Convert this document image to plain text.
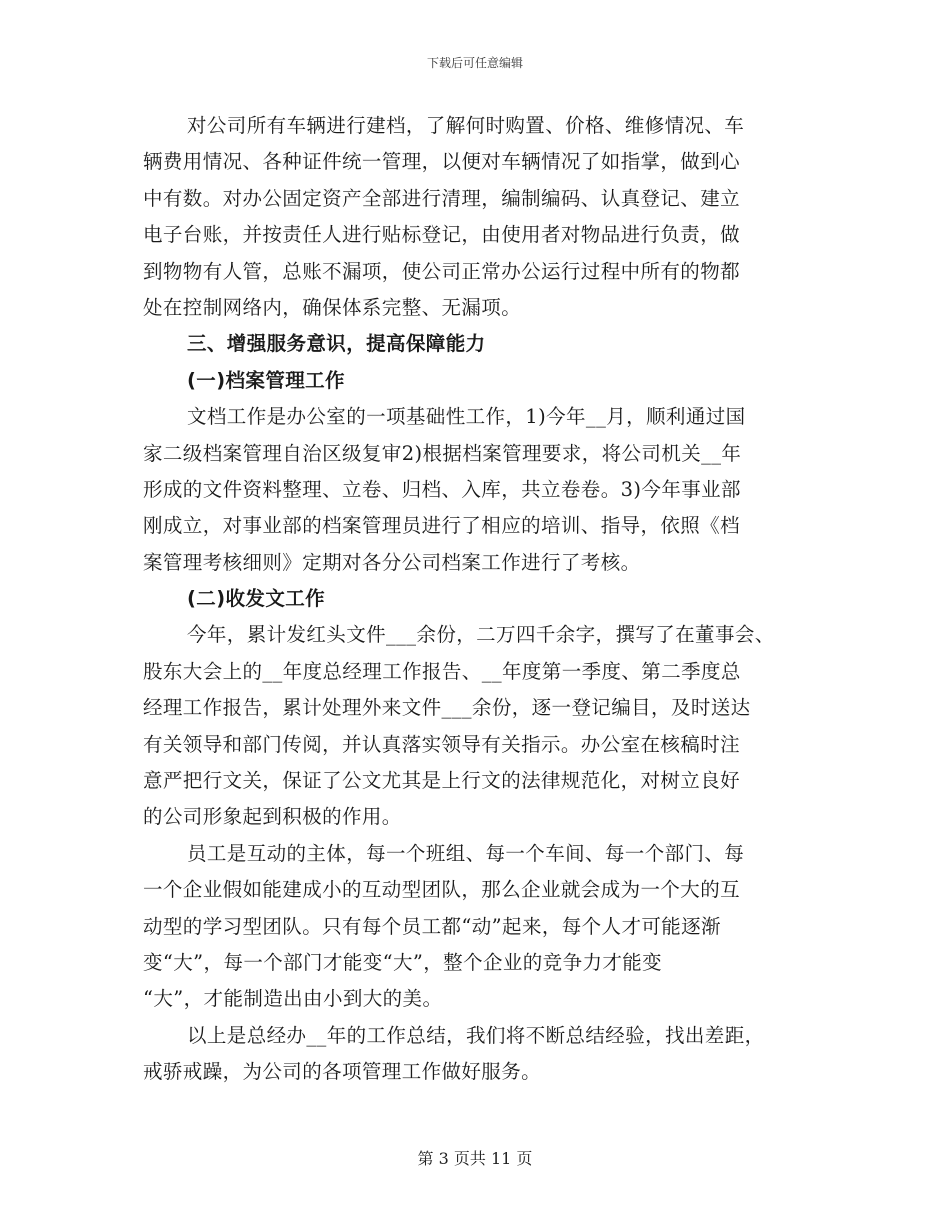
下载后可任意编辑
对公司所有车辆进行建档，了解何时购置、价格、维修情况、车
辆费用情况、各种证件统一管理，以便对车辆情况了如指掌，做到心
中有数。对办公固定资产全部进行清理，编制编码、认真登记、建立
电子台账，并按责任人进行贴标登记，由使用者对物品进行负责，做
到物物有人管，总账不漏项，使公司正常办公运行过程中所有的物都
处在控制网络内，确保体系完整、无漏项。
三、增强服务意识，提高保障能力
(一)档案管理工作
文档工作是办公室的一项基础性工作，1)今年__月，顺利通过国
家二级档案管理自治区级复审2)根据档案管理要求，将公司机关__年
形成的文件资料整理、立卷、归档、入库，共立卷卷。3)今年事业部
刚成立，对事业部的档案管理员进行了相应的培训、指导，依照《档
案管理考核细则》定期对各分公司档案工作进行了考核。
(二)收发文工作
今年，累计发红头文件___余份，二万四千余字，撰写了在董事会、
股东大会上的__年度总经理工作报告、__年度第一季度、第二季度总
经理工作报告，累计处理外来文件___余份，逐一登记编目，及时送达
有关领导和部门传阅，并认真落实领导有关指示。办公室在核稿时注
意严把行文关，保证了公文尤其是上行文的法律规范化，对树立良好
的公司形象起到积极的作用。
员工是互动的主体，每一个班组、每一个车间、每一个部门、每
一个企业假如能建成小的互动型团队，那么企业就会成为一个大的互
动型的学习型团队。只有每个员工都“动”起来，每个人才可能逐渐
变“大”，每一个部门才能变“大”，整个企业的竞争力才能变
“大”，才能制造出由小到大的美。
以上是总经办__年的工作总结，我们将不断总结经验，找出差距，
戒骄戒躁，为公司的各项管理工作做好服务。
第 3 页共 11 页
